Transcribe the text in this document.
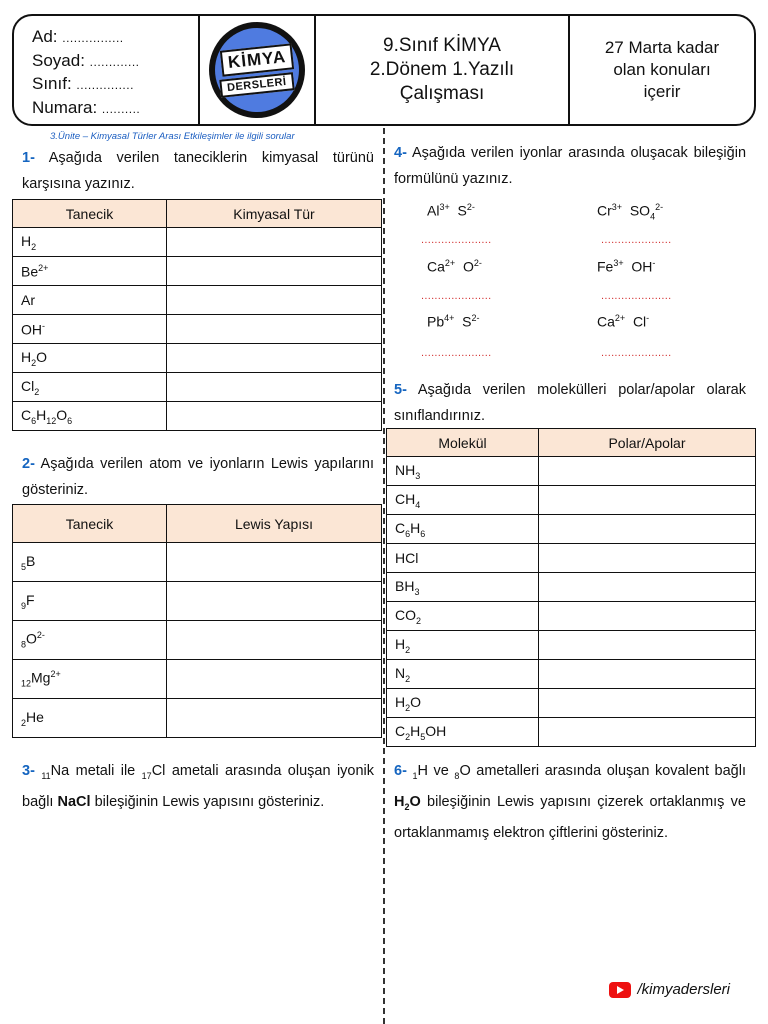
Ad: ................
Soyad: .............
Sınıf: ...............
Numara: ..........
KİMYA
DERSLERİ
9.Sınıf KİMYA
2.Dönem 1.Yazılı
Çalışması
27 Marta kadar
olan konuları
içerir
3.Ünite – Kimyasal Türler Arası Etkileşimler ile ilgili sorular
1- Aşağıda verilen taneciklerin kimyasal türünü karşısına yazınız.
Tanecik	Kimyasal Tür
$H_2$	
$Be^{2+}$	
Ar	
OH-	
$H_2O$	
$Cl_2$	
$C_6H_{12}O_6$	
2- Aşağıda verilen atom ve iyonların Lewis yapılarını gösteriniz.
Tanecik	Lewis Yapısı
$_5$B	
$_9$F	
$_8O^{2-}$	
$_{12}Mg^{2+}$	
$_2$He	
3- $_{11}$Na metali ile $_{17}$Cl ametali arasında oluşan iyonik bağlı NaCl bileşiğinin Lewis yapısını gösteriniz.
4- Aşağıda verilen iyonlar arasında oluşacak bileşiğin formülünü yazınız.
$Al^{3+}$  $S^{2-}$	$Cr^{3+}$  $SO_4^{2-}$
.....................	.....................
$Ca^{2+}$  $O^{2-}$	$Fe^{3+}$  OH-
.....................	.....................
$Pb^{4+}$  $S^{2-}$	$Ca^{2+}$  Cl-
.....................	.....................
5- Aşağıda verilen molekülleri polar/apolar olarak sınıflandırınız.
Molekül	Polar/Apolar
$NH_3$	
$CH_4$	
$C_6H_6$	
HCl	
$BH_3$	
$CO_2$	
$H_2$	
$N_2$	
$H_2O$	
$C_2H_5OH$	
6- $_1$H ve $_8$O ametalleri arasında oluşan kovalent bağlı $H_2O$ bileşiğinin Lewis yapısını çizerek ortaklanmış ve ortaklanmamış elektron çiftlerini gösteriniz.
/kimyadersleri
